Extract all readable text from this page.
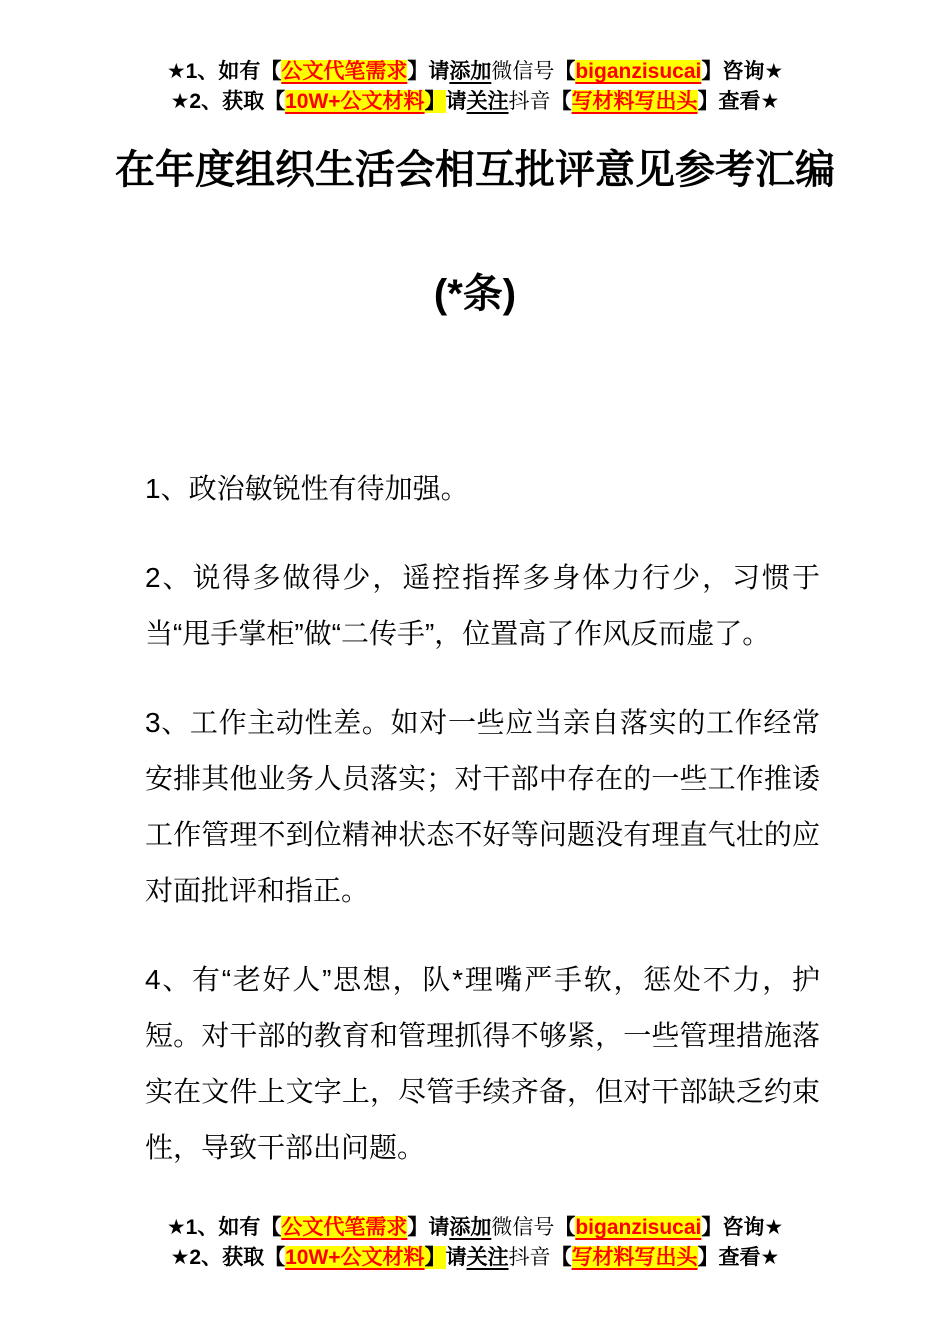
★1、如有【公文代笔需求】请添加微信号【biganzisucai】咨询★
★2、获取【10W+公文材料】请关注抖音【写材料写出头】查看★
在年度组织生活会相互批评意见参考汇编
(*条)

1、政治敏锐性有待加强。

2、说得多做得少，遥控指挥多身体力行少，习惯于当“甩手掌柜”做“二传手”，位置高了作风反而虚了。

3、工作主动性差。如对一些应当亲自落实的工作经常安排其他业务人员落实；对干部中存在的一些工作推诿工作管理不到位精神状态不好等问题没有理直气壮的应对面批评和指正。

4、有“老好人”思想，队*理嘴严手软，惩处不力，护短。对干部的教育和管理抓得不够紧，一些管理措施落实在文件上文字上，尽管手续齐备，但对干部缺乏约束性，导致干部出问题。

★1、如有【公文代笔需求】请添加微信号【biganzisucai】咨询★
★2、获取【10W+公文材料】请关注抖音【写材料写出头】查看★
